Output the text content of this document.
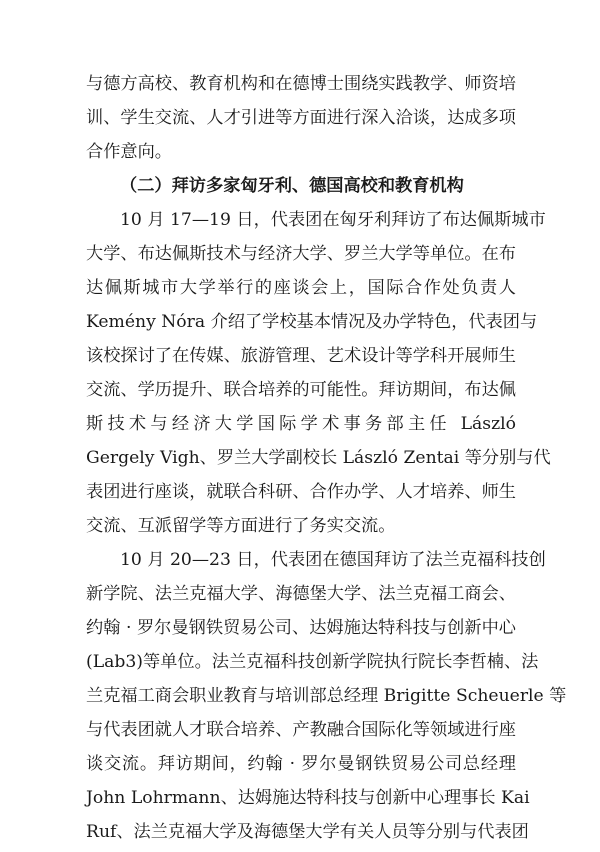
与德方高校、教育机构和在德博士围绕实践教学、师资培
训、学生交流、人才引进等方面进行深入洽谈，达成多项
合作意向。
（二）拜访多家匈牙利、德国高校和教育机构
10 月 17—19 日，代表团在匈牙利拜访了布达佩斯城市
大学、布达佩斯技术与经济大学、罗兰大学等单位。在布
达佩斯城市大学举行的座谈会上，国际合作处负责人
Kemény Nóra 介绍了学校基本情况及办学特色，代表团与
该校探讨了在传媒、旅游管理、艺术设计等学科开展师生
交流、学历提升、联合培养的可能性。拜访期间，布达佩
斯技术与经济大学国际学术事务部主任 László
Gergely Vigh、罗兰大学副校长 László Zentai 等分别与代
表团进行座谈，就联合科研、合作办学、人才培养、师生
交流、互派留学等方面进行了务实交流。
10 月 20—23 日，代表团在德国拜访了法兰克福科技创
新学院、法兰克福大学、海德堡大学、法兰克福工商会、
约翰 · 罗尔曼钢铁贸易公司、达姆施达特科技与创新中心
(Lab3)等单位。法兰克福科技创新学院执行院长李哲楠、法
兰克福工商会职业教育与培训部总经理 Brigitte Scheuerle 等
与代表团就人才联合培养、产教融合国际化等领域进行座
谈交流。拜访期间，约翰 · 罗尔曼钢铁贸易公司总经理
John Lohrmann、达姆施达特科技与创新中心理事长 Kai
Ruf、法兰克福大学及海德堡大学有关人员等分别与代表团
